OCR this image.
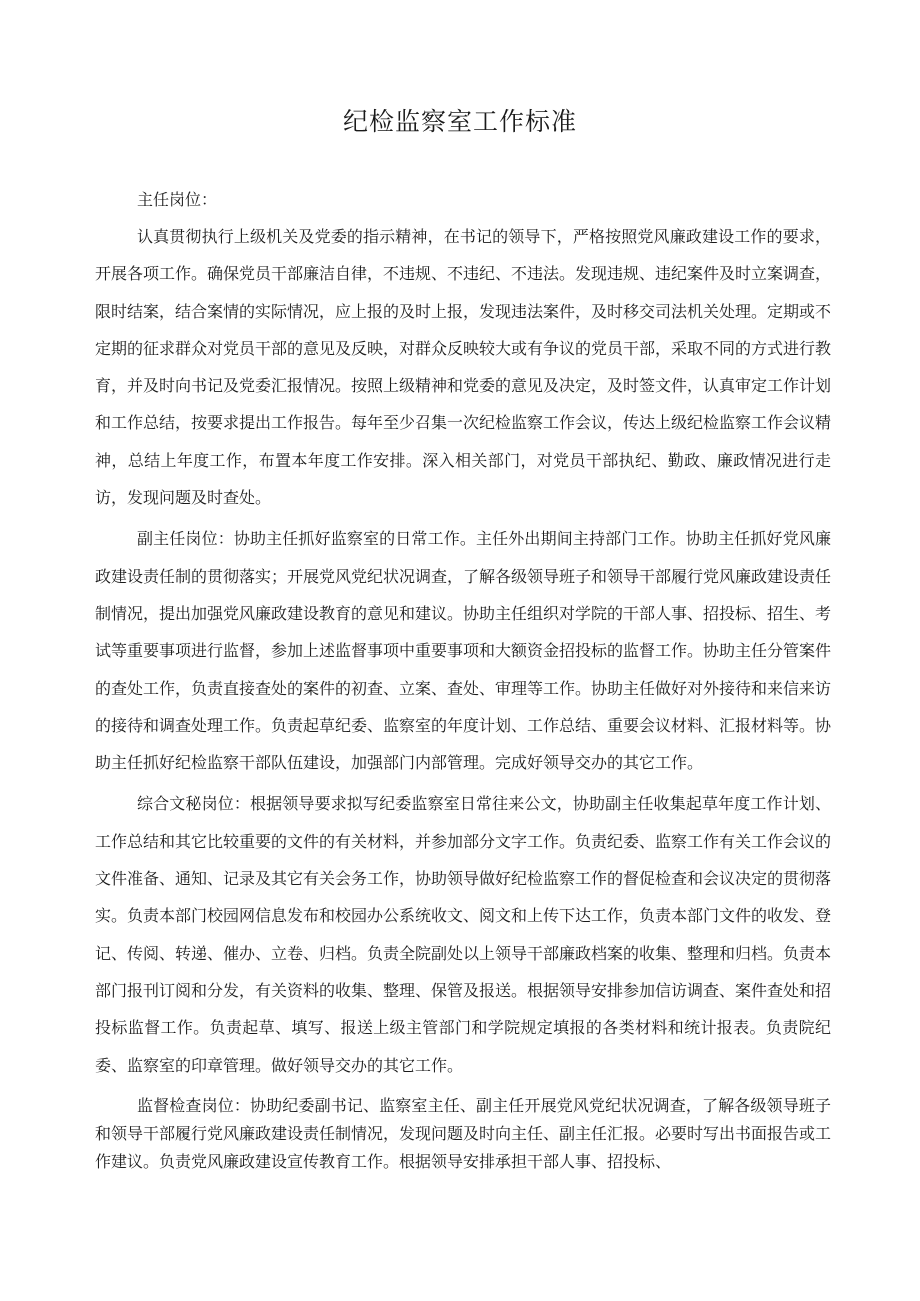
纪检监察室工作标准

主任岗位：

认真贯彻执行上级机关及党委的指示精神，在书记的领导下，严格按照党风廉政建设工作的要求，开展各项工作。确保党员干部廉洁自律，不违规、不违纪、不违法。发现违规、违纪案件及时立案调查，限时结案，结合案情的实际情况，应上报的及时上报，发现违法案件，及时移交司法机关处理。定期或不定期的征求群众对党员干部的意见及反映，对群众反映较大或有争议的党员干部，采取不同的方式进行教育，并及时向书记及党委汇报情况。按照上级精神和党委的意见及决定，及时签文件，认真审定工作计划和工作总结，按要求提出工作报告。每年至少召集一次纪检监察工作会议，传达上级纪检监察工作会议精神，总结上年度工作，布置本年度工作安排。深入相关部门，对党员干部执纪、勤政、廉政情况进行走访，发现问题及时查处。

副主任岗位：协助主任抓好监察室的日常工作。主任外出期间主持部门工作。协助主任抓好党风廉政建设责任制的贯彻落实；开展党风党纪状况调查，了解各级领导班子和领导干部履行党风廉政建设责任制情况，提出加强党风廉政建设教育的意见和建议。协助主任组织对学院的干部人事、招投标、招生、考试等重要事项进行监督，参加上述监督事项中重要事项和大额资金招投标的监督工作。协助主任分管案件的查处工作，负责直接查处的案件的初查、立案、查处、审理等工作。协助主任做好对外接待和来信来访的接待和调查处理工作。负责起草纪委、监察室的年度计划、工作总结、重要会议材料、汇报材料等。协助主任抓好纪检监察干部队伍建设，加强部门内部管理。完成好领导交办的其它工作。

综合文秘岗位：根据领导要求拟写纪委监察室日常往来公文，协助副主任收集起草年度工作计划、工作总结和其它比较重要的文件的有关材料，并参加部分文字工作。负责纪委、监察工作有关工作会议的文件准备、通知、记录及其它有关会务工作，协助领导做好纪检监察工作的督促检查和会议决定的贯彻落实。负责本部门校园网信息发布和校园办公系统收文、阅文和上传下达工作，负责本部门文件的收发、登记、传阅、转递、催办、立卷、归档。负责全院副处以上领导干部廉政档案的收集、整理和归档。负责本部门报刊订阅和分发，有关资料的收集、整理、保管及报送。根据领导安排参加信访调查、案件查处和招投标监督工作。负责起草、填写、报送上级主管部门和学院规定填报的各类材料和统计报表。负责院纪委、监察室的印章管理。做好领导交办的其它工作。

监督检查岗位：协助纪委副书记、监察室主任、副主任开展党风党纪状况调查，了解各级领导班子和领导干部履行党风廉政建设责任制情况，发现问题及时向主任、副主任汇报。必要时写出书面报告或工作建议。负责党风廉政建设宣传教育工作。根据领导安排承担干部人事、招投标、
